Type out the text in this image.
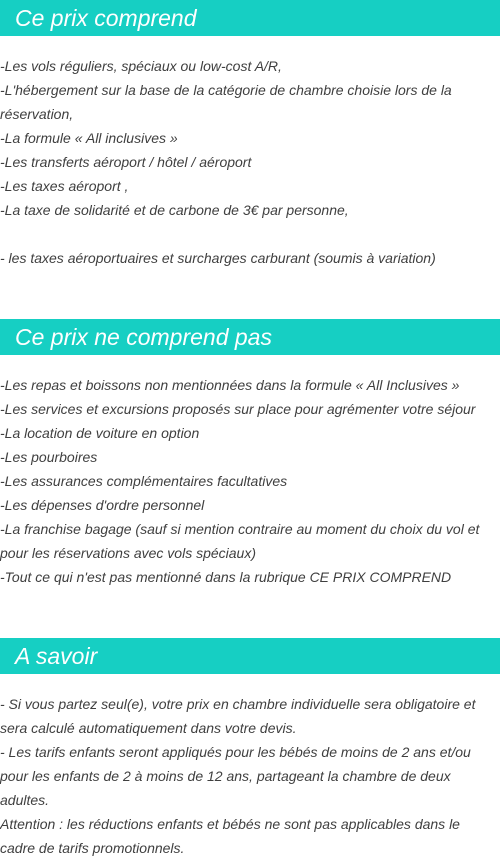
Ce prix comprend
-Les vols réguliers, spéciaux ou low-cost A/R,
-L'hébergement sur la base de la catégorie de chambre choisie lors de la réservation,
-La formule « All inclusives »
-Les transferts aéroport / hôtel / aéroport
-Les taxes aéroport ,
-La taxe de solidarité et de carbone de 3€ par personne,
- les taxes aéroportuaires et surcharges carburant (soumis à variation)
Ce prix ne comprend pas
-Les repas et boissons non mentionnées dans la formule « All Inclusives »
-Les services et excursions proposés sur place pour agrémenter votre séjour
-La location de voiture en option
-Les pourboires
-Les assurances complémentaires facultatives
-Les dépenses d'ordre personnel
-La franchise bagage (sauf si mention contraire au moment du choix du vol et pour les réservations avec vols spéciaux)
-Tout ce qui n'est pas mentionné dans la rubrique CE PRIX COMPREND
A savoir
- Si vous partez seul(e), votre prix en chambre individuelle sera obligatoire et sera calculé automatiquement dans votre devis.
- Les tarifs enfants seront appliqués pour les bébés de moins de 2 ans et/ou pour les enfants de 2 à moins de 12 ans, partageant la chambre de deux adultes.
Attention : les réductions enfants et bébés ne sont pas applicables dans le cadre de tarifs promotionnels.
